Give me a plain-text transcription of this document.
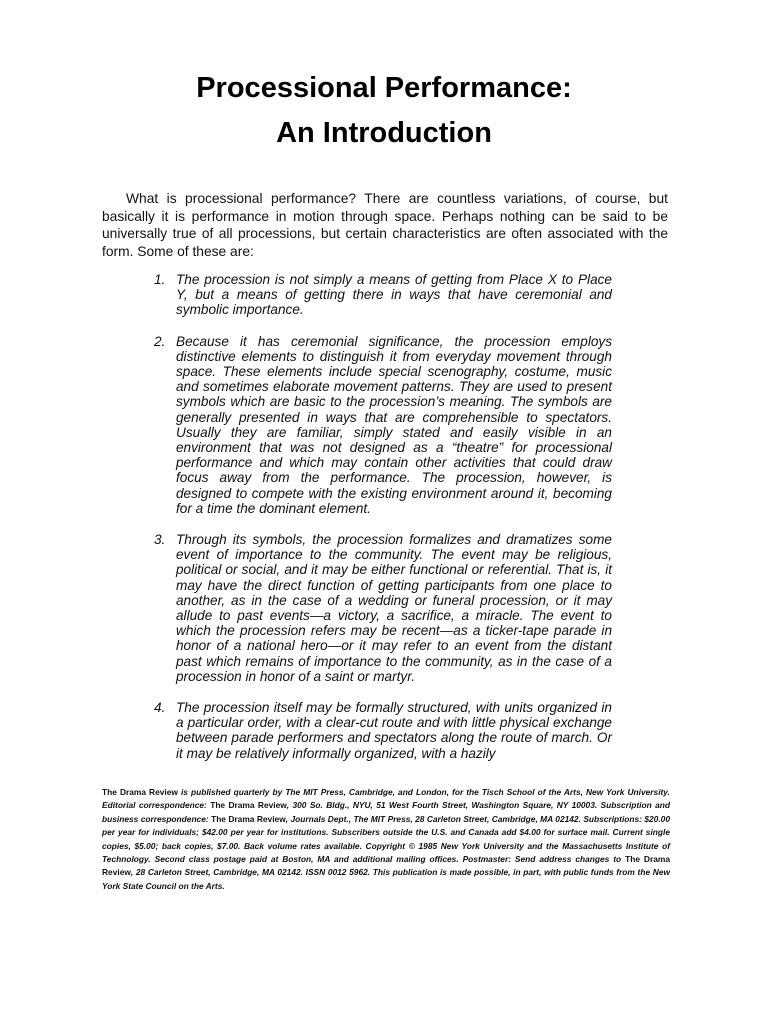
Processional Performance:
An Introduction

What is processional performance? There are countless variations, of course, but basically it is performance in motion through space. Perhaps nothing can be said to be universally true of all processions, but certain characteristics are often associated with the form. Some of these are:

1. The procession is not simply a means of getting from Place X to Place Y, but a means of getting there in ways that have ceremonial and symbolic importance.
2. Because it has ceremonial significance, the procession employs distinctive elements to distinguish it from everyday movement through space. These elements include special scenography, costume, music and sometimes elaborate movement patterns. They are used to present symbols which are basic to the procession’s meaning. The symbols are generally presented in ways that are comprehensible to spectators. Usually they are familiar, simply stated and easily visible in an environment that was not designed as a “theatre” for processional performance and which may contain other activities that could draw focus away from the performance. The procession, however, is designed to compete with the existing environment around it, becoming for a time the dominant element.
3. Through its symbols, the procession formalizes and dramatizes some event of importance to the community. The event may be religious, political or social, and it may be either functional or referential. That is, it may have the direct function of getting participants from one place to another, as in the case of a wedding or funeral procession, or it may allude to past events—a victory, a sacrifice, a miracle. The event to which the procession refers may be recent—as a ticker-tape parade in honor of a national hero—or it may refer to an event from the distant past which remains of importance to the community, as in the case of a procession in honor of a saint or martyr.
4. The procession itself may be formally structured, with units organized in a particular order, with a clear-cut route and with little physical exchange between parade performers and spectators along the route of march. Or it may be relatively informally organized, with a hazily

The Drama Review is published quarterly by The MIT Press, Cambridge, and London, for the Tisch School of the Arts, New York University. Editorial correspondence: The Drama Review, 300 So. Bldg., NYU, 51 West Fourth Street, Washington Square, NY 10003. Subscription and business correspondence: The Drama Review, Journals Dept., The MIT Press, 28 Carleton Street, Cambridge, MA 02142. Subscriptions: $20.00 per year for individuals; $42.00 per year for institutions. Subscribers outside the U.S. and Canada add $4.00 for surface mail. Current single copies, $5.00; back copies, $7.00. Back volume rates available. Copyright © 1985 New York University and the Massachusetts Institute of Technology. Second class postage paid at Boston, MA and additional mailing offices. Postmaster: Send address changes to The Drama Review, 28 Carleton Street, Cambridge, MA 02142. ISSN 0012 5962. This publication is made possible, in part, with public funds from the New York State Council on the Arts.
